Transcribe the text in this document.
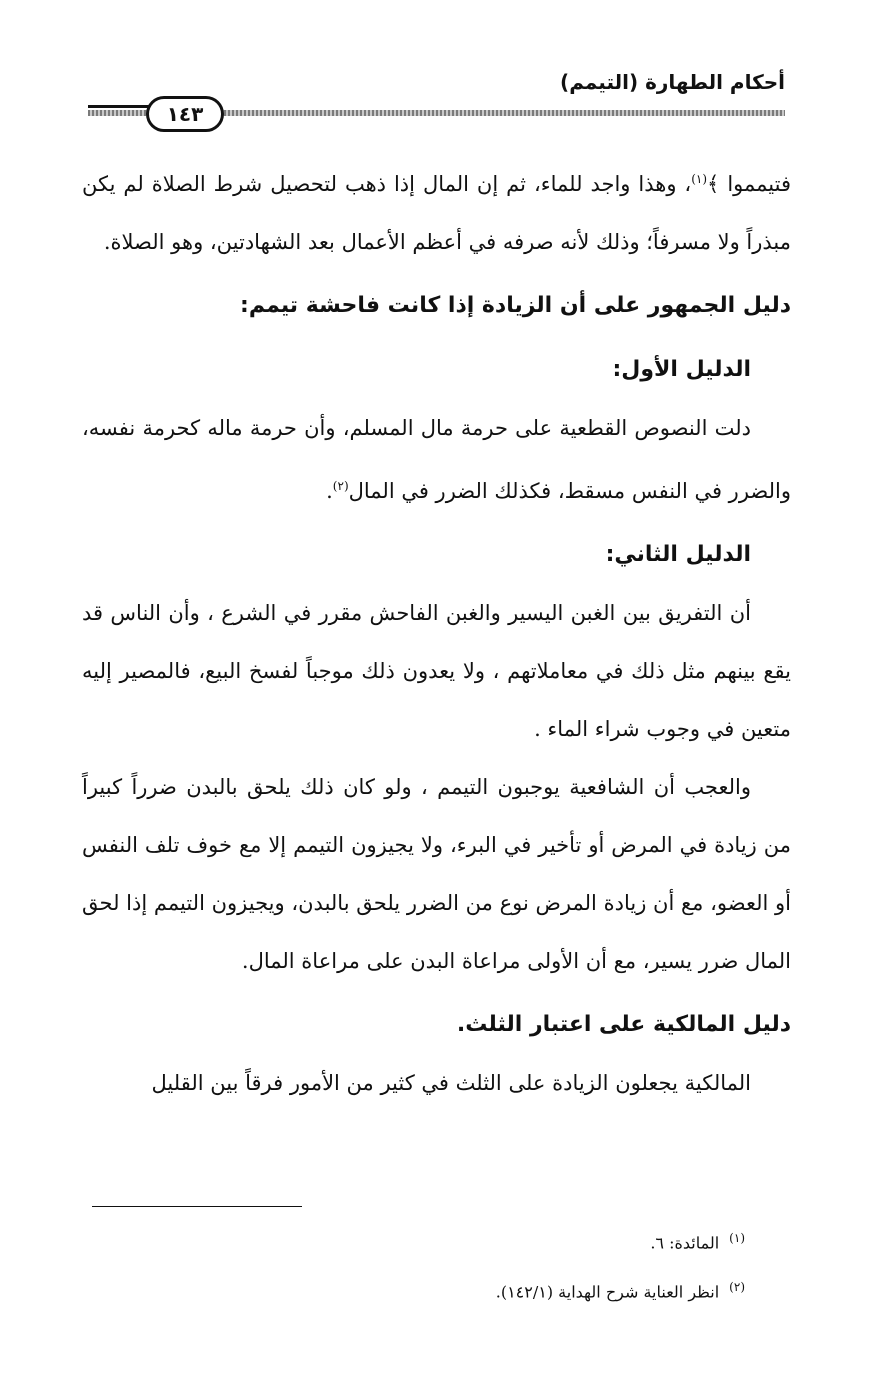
أحكام الطهارة (التيمم)
١٤٣

فتيمموا ﴾$^{(١)}$، وهذا واجد للماء، ثم إن المال إذا ذهب لتحصيل شرط الصلاة لم يكن مبذراً ولا مسرفاً؛ وذلك لأنه صرفه في أعظم الأعمال بعد الشهادتين، وهو الصلاة.

دليل الجمهور على أن الزيادة إذا كانت فاحشة تيمم:
الدليل الأول:

دلت النصوص القطعية على حرمة مال المسلم، وأن حرمة ماله كحرمة نفسه، والضرر في النفس مسقط، فكذلك الضرر في المال$^{(٢)}$.

الدليل الثاني:

أن التفريق بين الغبن اليسير والغبن الفاحش مقرر في الشرع ، وأن الناس قد يقع بينهم مثل ذلك في معاملاتهم ، ولا يعدون ذلك موجباً لفسخ البيع، فالمصير إليه متعين في وجوب شراء الماء .

والعجب أن الشافعية يوجبون التيمم ، ولو كان ذلك يلحق بالبدن ضرراً كبيراً من زيادة في المرض أو تأخير في البرء، ولا يجيزون التيمم إلا مع خوف تلف النفس أو العضو، مع أن زيادة المرض نوع من الضرر يلحق بالبدن، ويجيزون التيمم إذا لحق المال ضرر يسير، مع أن الأولى مراعاة البدن على مراعاة المال.

دليل المالكية على اعتبار الثلث.

المالكية يجعلون الزيادة على الثلث في كثير من الأمور فرقاً بين القليل

$^{(١)}$المائدة: ٦.

$^{(٢)}$انظر العناية شرح الهداية (١٤٢/١).
